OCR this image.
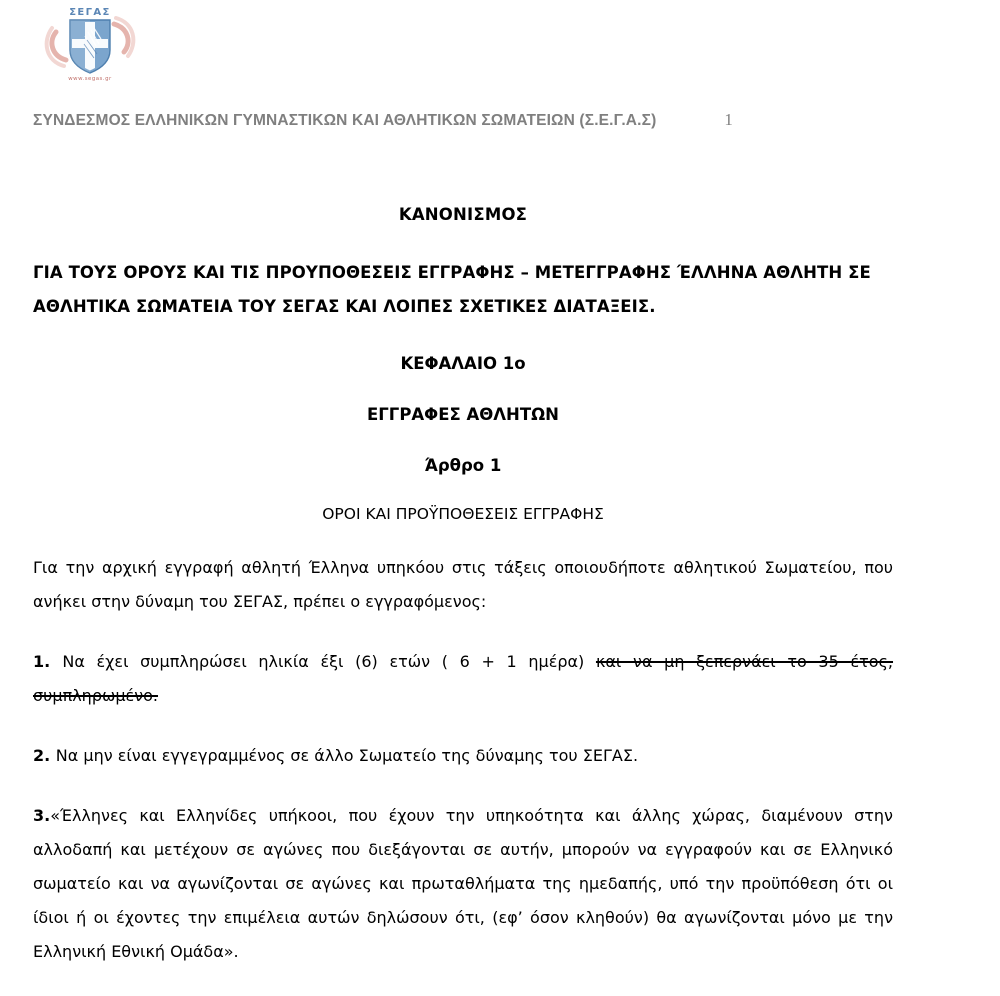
ΣΕΓΑΣ
www.segas.gr
ΣΥΝΔΕΣΜΟΣ ΕΛΛΗΝΙΚΩΝ ΓΥΜΝΑΣΤΙΚΩΝ ΚΑΙ ΑΘΛΗΤΙΚΩΝ ΣΩΜΑΤΕΙΩΝ (Σ.Ε.Γ.Α.Σ)	1
ΚΑΝΟΝΙΣΜΟΣ
ΓΙΑ ΤΟΥΣ ΟΡΟΥΣ ΚΑΙ ΤΙΣ ΠΡΟΥΠΟΘΕΣΕΙΣ ΕΓΓΡΑΦΗΣ – ΜΕΤΕΓΓΡΑΦΗΣ ΈΛΛΗΝΑ ΑΘΛΗΤΗ ΣΕ ΑΘΛΗΤΙΚΑ ΣΩΜΑΤΕΙΑ ΤΟΥ ΣΕΓΑΣ ΚΑΙ ΛΟΙΠΕΣ ΣΧΕΤΙΚΕΣ ΔΙΑΤΑΞΕΙΣ.
ΚΕΦΑΛΑΙΟ 1ο
ΕΓΓΡΑΦΕΣ ΑΘΛΗΤΩΝ
Άρθρο 1
ΟΡΟΙ ΚΑΙ ΠΡΟΫΠΟΘΕΣΕΙΣ ΕΓΓΡΑΦΗΣ

Για την αρχική εγγραφή αθλητή Έλληνα υπηκόου στις τάξεις οποιουδήποτε αθλητικού Σωματείου, που ανήκει στην δύναμη του ΣΕΓΑΣ, πρέπει ο εγγραφόμενος:

1. Να έχει συμπληρώσει ηλικία έξι (6) ετών ( 6 + 1 ημέρα) και να μη ξεπερνάει το 35 έτος, συμπληρωμένο.

2. Να μην είναι εγγεγραμμένος σε άλλο Σωματείο της δύναμης του ΣΕΓΑΣ.

3.«Έλληνες και Ελληνίδες υπήκοοι, που έχουν την υπηκοότητα και άλλης χώρας, διαμένουν στην αλλοδαπή και μετέχουν σε αγώνες που διεξάγονται σε αυτήν, μπορούν να εγγραφούν και σε Ελληνικό σωματείο και να αγωνίζονται σε αγώνες και πρωταθλήματα της ημεδαπής, υπό την προϋπόθεση ότι οι ίδιοι ή οι έχοντες την επιμέλεια αυτών δηλώσουν ότι, (εφ’ όσον κληθούν) θα αγωνίζονται μόνο με την Ελληνική Εθνική Ομάδα».
